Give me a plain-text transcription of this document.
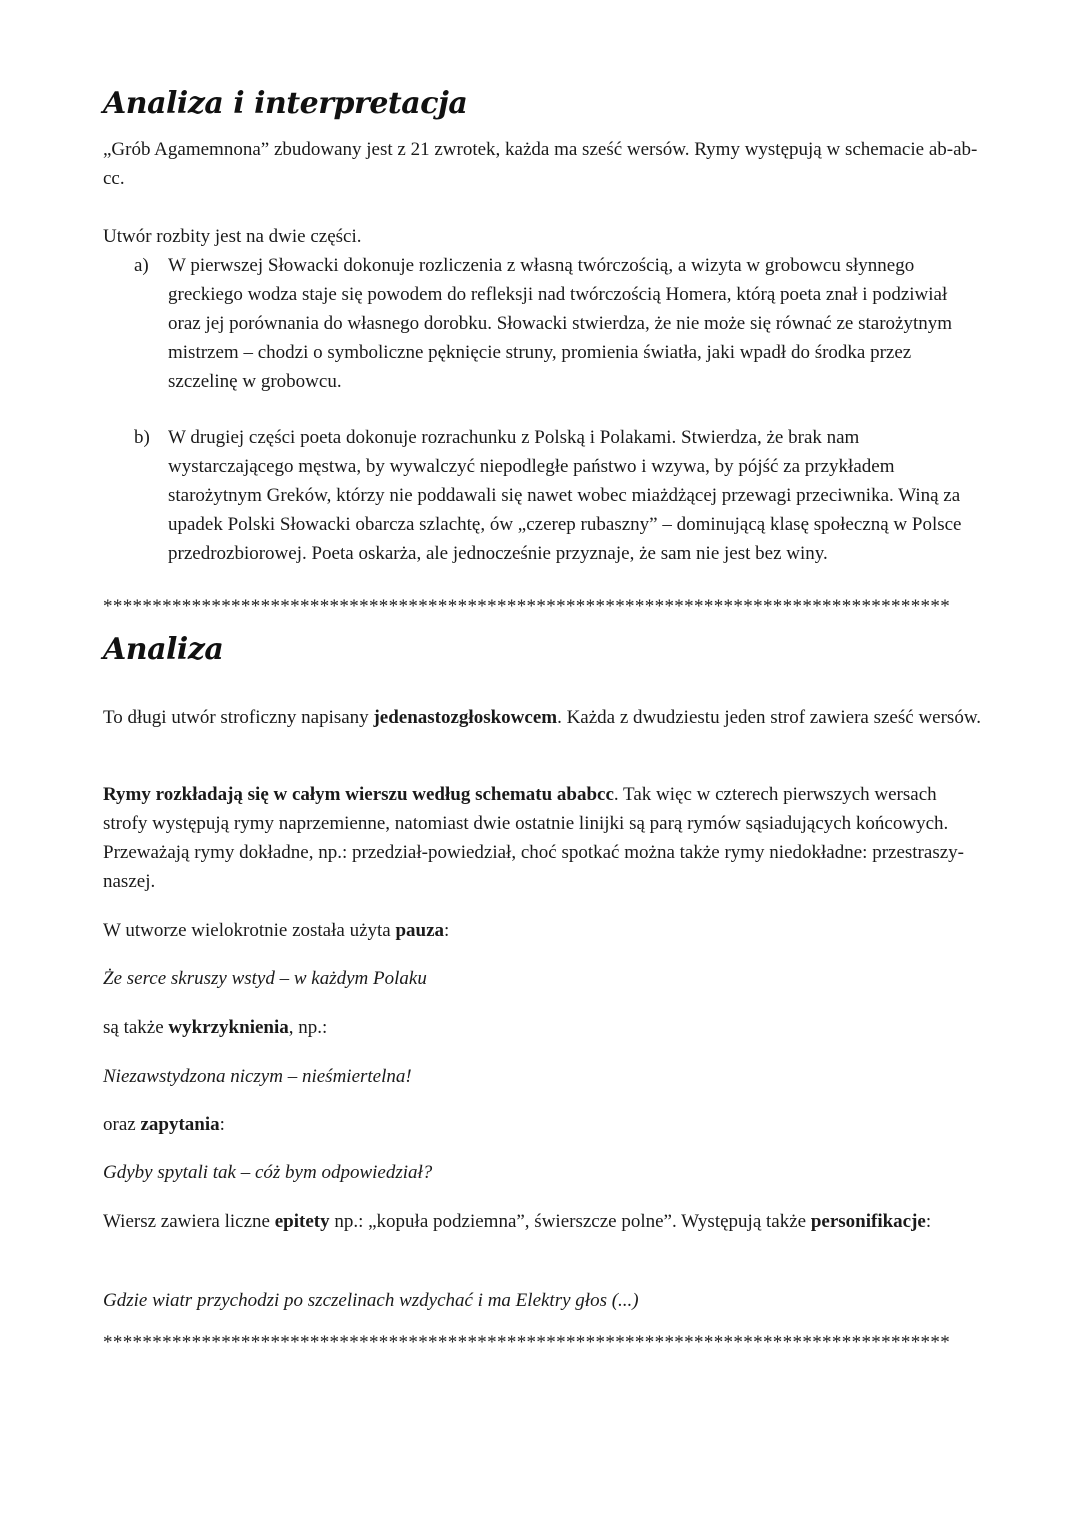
Analiza i interpretacja

„Grób Agamemnona” zbudowany jest z 21 zwrotek, każda ma sześć wersów. Rymy występują w schemacie ab-ab-cc.

Utwór rozbity jest na dwie części.

a) W pierwszej Słowacki dokonuje rozliczenia z własną twórczością, a wizyta w grobowcu słynnego greckiego wodza staje się powodem do refleksji nad twórczością Homera, którą poeta znał i podziwiał oraz jej porównania do własnego dorobku. Słowacki stwierdza, że nie może się równać ze starożytnym mistrzem – chodzi o symboliczne pęknięcie struny, promienia światła, jaki wpadł do środka przez szczelinę w grobowcu.
b) W drugiej części poeta dokonuje rozrachunku z Polską i Polakami. Stwierdza, że brak nam wystarczającego męstwa, by wywalczyć niepodległe państwo i wzywa, by pójść za przykładem starożytnym Greków, którzy nie poddawali się nawet wobec miażdżącej przewagi przeciwnika. Winą za upadek Polski Słowacki obarcza szlachtę, ów „czerep rubaszny” – dominującą klasę społeczną w Polsce przedrozbiorowej. Poeta oskarża, ale jednocześnie przyznaje, że sam nie jest bez winy.
**************************************************************************************
Analiza

To długi utwór stroficzny napisany jedenastozgłoskowcem. Każda z dwudziestu jeden strof zawiera sześć wersów.

Rymy rozkładają się w całym wierszu według schematu ababcc. Tak więc w czterech pierwszych wersach strofy występują rymy naprzemienne, natomiast dwie ostatnie linijki są parą rymów sąsiadujących końcowych. Przeważają rymy dokładne, np.: przedział-powiedział, choć spotkać można także rymy niedokładne: przestraszy-naszej.

W utworze wielokrotnie została użyta pauza:

Że serce skruszy wstyd – w każdym Polaku

są także wykrzyknienia, np.:

Niezawstydzona niczym – nieśmiertelna!

oraz zapytania:

Gdyby spytali tak – cóż bym odpowiedział?

Wiersz zawiera liczne epitety np.: „kopuła podziemna”, świerszcze polne”. Występują także personifikacje:

Gdzie wiatr przychodzi po szczelinach wzdychać i ma Elektry głos (...)

**************************************************************************************
